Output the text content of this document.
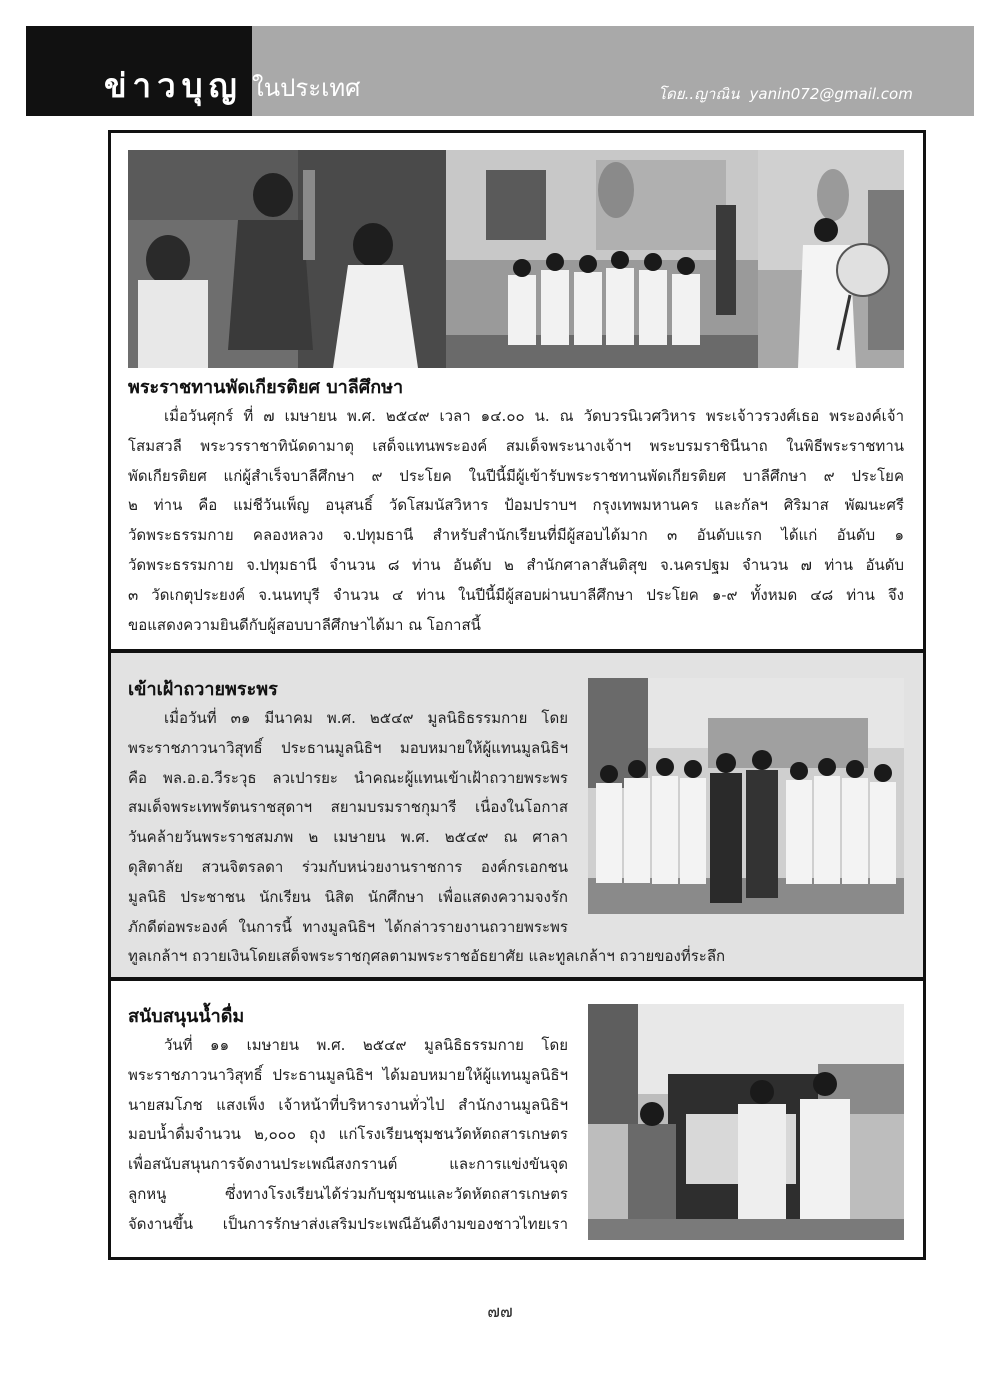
ข่าวบุญ ในประเทศ	โดย..ญาณิน yanin072@gmail.com
พระราชทานพัดเกียรติยศ บาลีศึกษา
เมื่อวันศุกร์ ที่ ๗ เมษายน พ.ศ. ๒๕๔๙ เวลา ๑๔.๐๐ น. ณ วัดบวรนิเวศวิหาร พระเจ้าวรวงศ์เธอ พระองค์เจ้า
โสมสวลี พระวรราชาทินัดดามาตุ เสด็จแทนพระองค์ สมเด็จพระนางเจ้าฯ พระบรมราชินีนาถ ในพิธีพระราชทาน
พัดเกียรติยศ แก่ผู้สำเร็จบาลีศึกษา ๙ ประโยค ในปีนี้มีผู้เข้ารับพระราชทานพัดเกียรติยศ บาลีศึกษา ๙ ประโยค
๒ ท่าน คือ แม่ชีวันเพ็ญ อนุสนธิ์ วัดโสมนัสวิหาร ป้อมปราบฯ กรุงเทพมหานคร และกัลฯ ศิริมาส พัฒนะศรี
วัดพระธรรมกาย คลองหลวง จ.ปทุมธานี สำหรับสำนักเรียนที่มีผู้สอบได้มาก ๓ อันดับแรก ได้แก่ อันดับ ๑
วัดพระธรรมกาย จ.ปทุมธานี จำนวน ๘ ท่าน อันดับ ๒ สำนักศาลาสันติสุข จ.นครปฐม จำนวน ๗ ท่าน อันดับ
๓ วัดเกตุประยงค์ จ.นนทบุรี จำนวน ๔ ท่าน ในปีนี้มีผู้สอบผ่านบาลีศึกษา ประโยค ๑-๙ ทั้งหมด ๔๘ ท่าน จึง
ขอแสดงความยินดีกับผู้สอบบาลีศึกษาได้มา ณ โอกาสนี้
เข้าเฝ้าถวายพระพร
เมื่อวันที่ ๓๑ มีนาคม พ.ศ. ๒๕๔๙ มูลนิธิธรรมกาย โดย
พระราชภาวนาวิสุทธิ์ ประธานมูลนิธิฯ มอบหมายให้ผู้แทนมูลนิธิฯ
คือ พล.อ.อ.วีระวุธ ลวเปารยะ นำคณะผู้แทนเข้าเฝ้าถวายพระพร
สมเด็จพระเทพรัตนราชสุดาฯ สยามบรมราชกุมารี เนื่องในโอกาส
วันคล้ายวันพระราชสมภพ ๒ เมษายน พ.ศ. ๒๕๔๙ ณ ศาลา
ดุสิตาลัย สวนจิตรลดา ร่วมกับหน่วยงานราชการ องค์กรเอกชน
มูลนิธิ ประชาชน นักเรียน นิสิต นักศึกษา เพื่อแสดงความจงรัก
ภักดีต่อพระองค์ ในการนี้ ทางมูลนิธิฯ ได้กล่าวรายงานถวายพระพร
ทูลเกล้าฯ ถวายเงินโดยเสด็จพระราชกุศลตามพระราชอัธยาศัย และทูลเกล้าฯ ถวายของที่ระลึก
สนับสนุนน้ำดื่ม
วันที่ ๑๑ เมษายน พ.ศ. ๒๕๔๙ มูลนิธิธรรมกาย โดย
พระราชภาวนาวิสุทธิ์ ประธานมูลนิธิฯ ได้มอบหมายให้ผู้แทนมูลนิธิฯ
นายสมโภช แสงเพ็ง เจ้าหน้าที่บริหารงานทั่วไป สำนักงานมูลนิธิฯ
มอบน้ำดื่มจำนวน ๒,๐๐๐ ถุง แก่โรงเรียนชุมชนวัดหัตถสารเกษตร
เพื่อสนับสนุนการจัดงานประเพณีสงกรานต์ และการแข่งขันจุด
ลูกหนู ซึ่งทางโรงเรียนได้ร่วมกับชุมชนและวัดหัตถสารเกษตร
จัดงานขึ้น เป็นการรักษาส่งเสริมประเพณีอันดีงามของชาวไทยเรา
๗๗
